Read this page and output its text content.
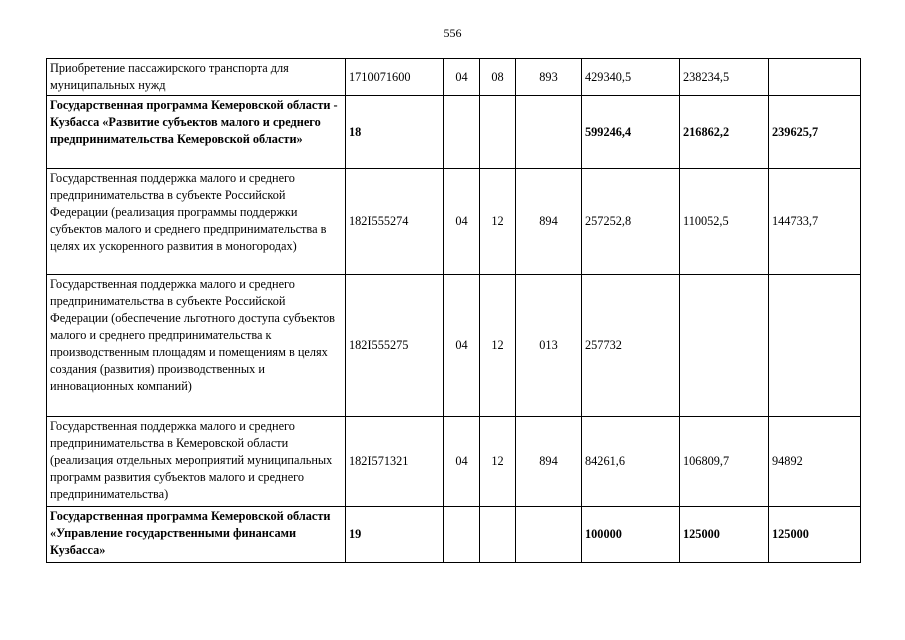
556
Приобретение пассажирского транспорта для муниципальных нужд	1710071600	04	08	893	429340,5	238234,5	
Государственная программа Кемеровской области - Кузбасса «Развитие субъектов малого и среднего предпринимательства Кемеровской области»	18				599246,4	216862,2	239625,7
Государственная поддержка малого и среднего предпринимательства в субъекте Российской Федерации (реализация программы поддержки субъектов малого и среднего предпринимательства в целях их ускоренного развития в моногородах)	182I555274	04	12	894	257252,8	110052,5	144733,7
Государственная поддержка малого и среднего предпринимательства в субъекте Российской Федерации (обеспечение льготного доступа субъектов малого и среднего предпринимательства к производственным площадям и помещениям в целях создания (развития) производственных и инновационных компаний)	182I555275	04	12	013	257732		
Государственная поддержка малого и среднего предпринимательства в Кемеровской области (реализация отдельных мероприятий муниципальных программ развития субъектов малого и среднего предпринимательства)	182I571321	04	12	894	84261,6	106809,7	94892
Государственная программа Кемеровской области «Управление государственными финансами Кузбасса»	19				100000	125000	125000
